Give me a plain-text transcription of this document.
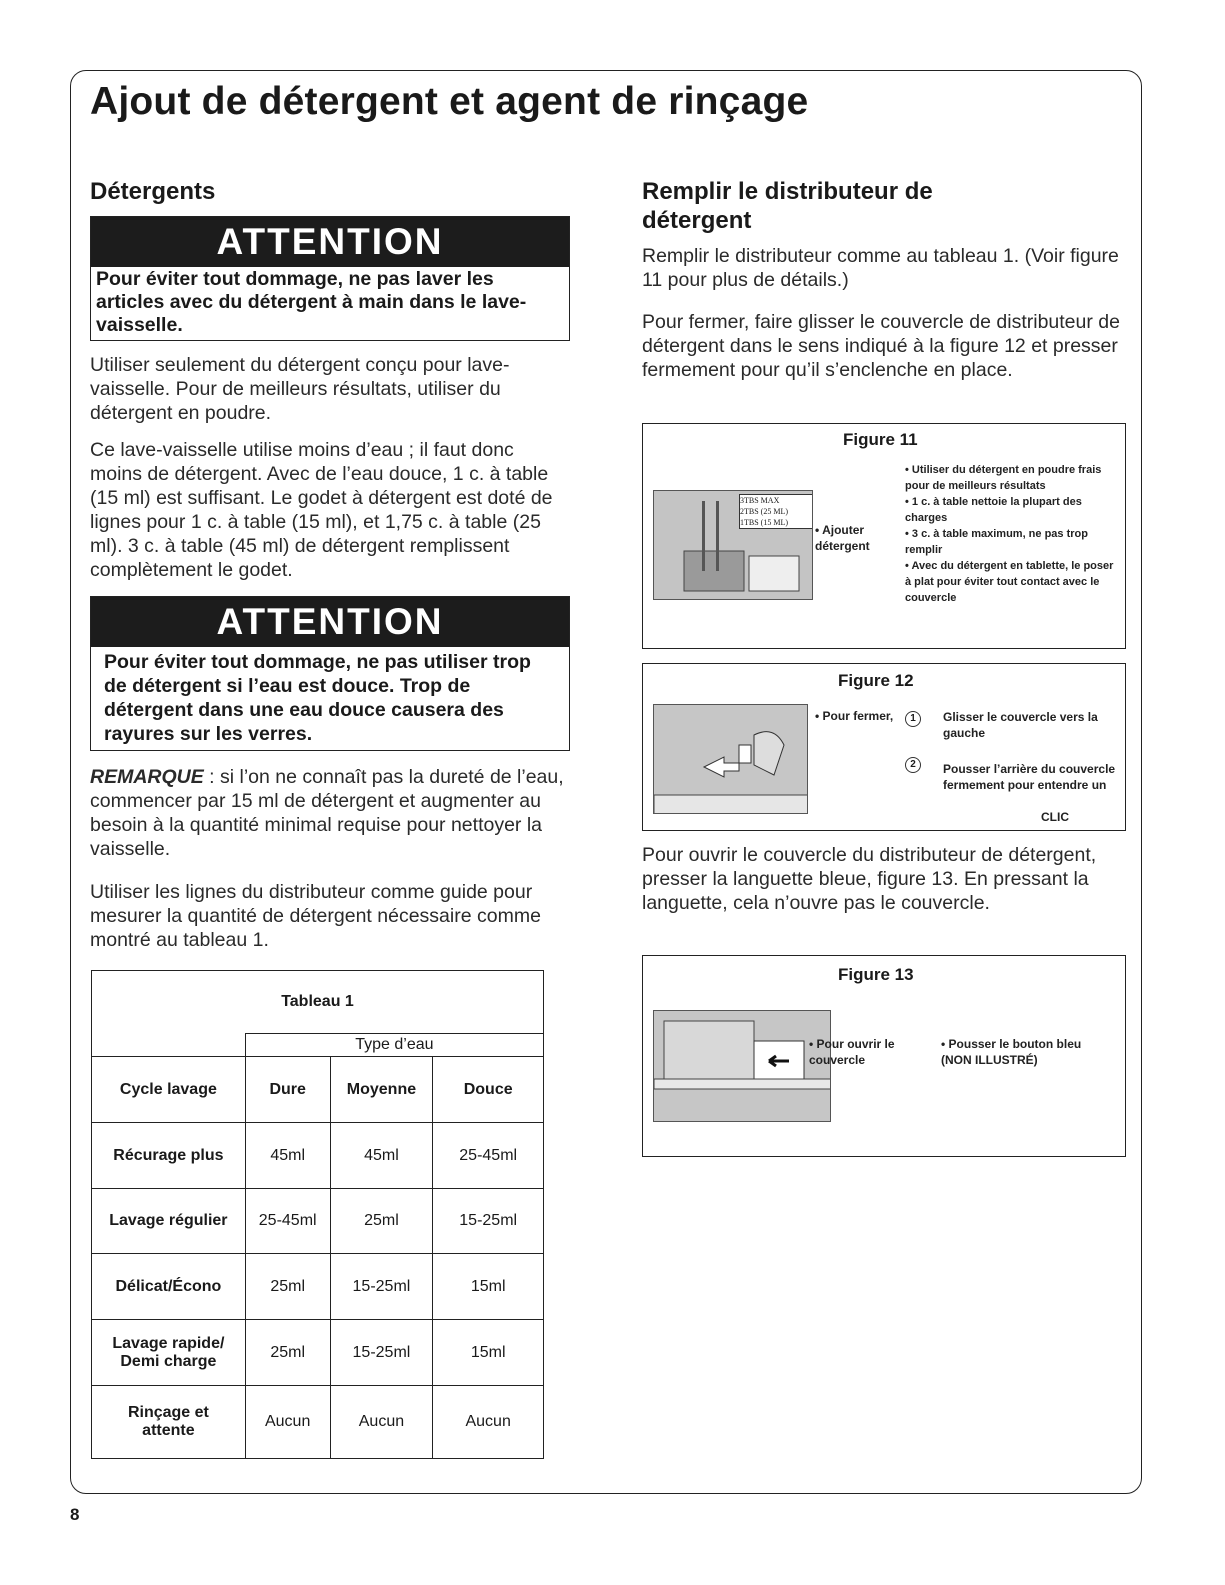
Ajout de détergent et agent de rinçage
Détergents
ATTENTION
Pour éviter tout dommage, ne pas laver les articles avec du détergent à main dans le lave-vaisselle.

Utiliser seulement du détergent conçu pour lave-vaisselle. Pour de meilleurs résultats, utiliser du détergent en poudre.

Ce lave-vaisselle utilise moins d’eau ; il faut donc moins de détergent. Avec de l’eau douce, 1 c. à table (15 ml) est suffisant. Le godet à détergent est doté de lignes pour 1 c. à table (15 ml), et 1,75 c. à table (25 ml). 3 c. à table (45 ml) de détergent remplissent complètement le godet.

ATTENTION
Pour éviter tout dommage, ne pas utiliser trop de détergent si l’eau est douce. Trop de détergent dans une eau douce causera des rayures sur les verres.

REMARQUE : si l’on ne connaît pas la dureté de l’eau, commencer par 15 ml de détergent et augmenter au besoin à la quantité minimal requise pour nettoyer la vaisselle.

Utiliser les lignes du distributeur comme guide pour mesurer la quantité de détergent nécessaire comme montré au tableau 1.

Tableau 1			
	Type d’eau		
Cycle lavage	Dure	Moyenne	Douce
Récurage plus	45ml	45ml	25-45ml
Lavage régulier	25-45ml	25ml	15-25ml
Délicat/Écono	25ml	15-25ml	15ml
Lavage rapide/ Demi charge	25ml	15-25ml	15ml
Rinçage et attente	Aucun	Aucun	Aucun
Remplir le distributeur de détergent

Remplir le distributeur comme au tableau 1. (Voir figure 11 pour plus de détails.)

Pour fermer, faire glisser le couvercle de distributeur de détergent dans le sens indiqué à la figure 12 et presser fermement pour qu’il s’enclenche en place.

Figure 11
3TBS MAX
2TBS (25 ML)
1TBS (15 ML)
• Ajouter détergent
• Utiliser du détergent en poudre frais pour de meilleurs résultats
• 1 c. à table nettoie la plupart des charges
• 3 c. à table maximum, ne pas trop remplir
• Avec du détergent en tablette, le poser à plat pour éviter tout contact avec le couvercle
Figure 12
• Pour fermer,	1	Glisser le couvercle vers la gauche
2	Pousser l’arrière du couvercle fermement pour entendre un
CLIC

Pour ouvrir le couvercle du distributeur de détergent, presser la languette bleue, figure 13. En pressant la languette, cela n’ouvre pas le couvercle.

Figure 13
• Pour ouvrir le couvercle
• Pousser le bouton bleu (NON ILLUSTRÉ)
8
